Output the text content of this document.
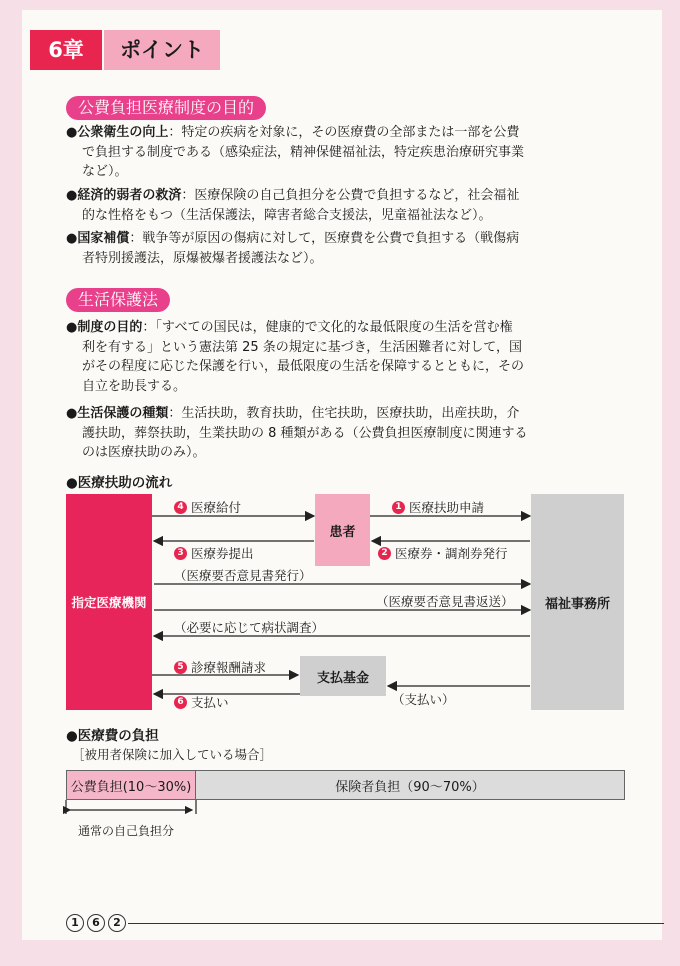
6章	ポイント
公費負担医療制度の目的
●公衆衛生の向上：特定の疾病を対象に，その医療費の全部または一部を公費
で負担する制度である（感染症法，精神保健福祉法，特定疾患治療研究事業
など）。
●経済的弱者の救済：医療保険の自己負担分を公費で負担するなど，社会福祉
的な性格をもつ（生活保護法，障害者総合支援法，児童福祉法など）。
●国家補償：戦争等が原因の傷病に対して，医療費を公費で負担する（戦傷病
者特別援護法，原爆被爆者援護法など）。
生活保護法
●制度の目的：「すべての国民は，健康的で文化的な最低限度の生活を営む権
利を有する」という憲法第 25 条の規定に基づき，生活困難者に対して，国
がその程度に応じた保護を行い，最低限度の生活を保障するとともに，その
自立を助長する。
●生活保護の種類：生活扶助，教育扶助，住宅扶助，医療扶助，出産扶助，介
護扶助，葬祭扶助，生業扶助の 8 種類がある（公費負担医療制度に関連する
のは医療扶助のみ）。
●医療扶助の流れ
指定医療機関
患者
福祉事務所
支払基金
4 医療給付	1 医療扶助申請
3 医療券提出	2 医療券・調剤券発行
（医療要否意見書発行）
（医療要否意見書返送）
（必要に応じて病状調査）
5 診療報酬請求
6 支払い	（支払い）
●医療費の負担
［被用者保険に加入している場合］
公費負担(10〜30%)	保険者負担（90〜70%）
通常の自己負担分
1	6	2
